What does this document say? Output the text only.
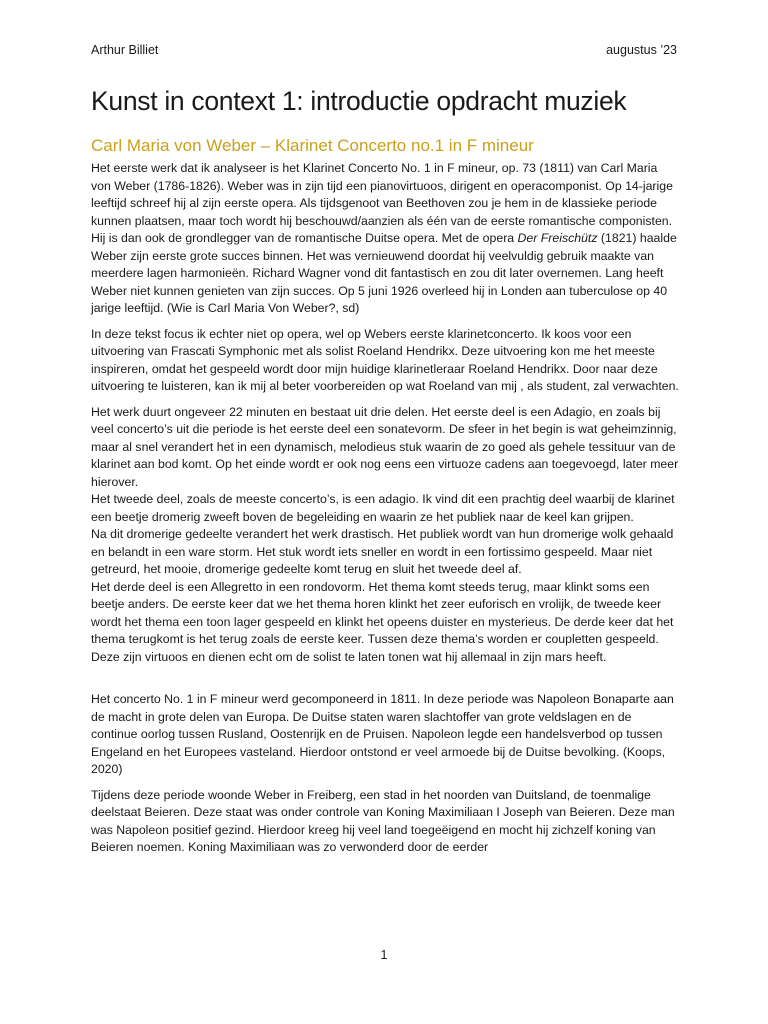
Arthur Billiet	augustus ’23
Kunst in context 1: introductie opdracht muziek
Carl Maria von Weber – Klarinet Concerto no.1 in F mineur

Het eerste werk dat ik analyseer is het Klarinet Concerto No. 1 in F mineur, op. 73 (1811) van Carl Maria von Weber (1786-1826). Weber was in zijn tijd een pianovirtuoos, dirigent en operacomponist. Op 14-jarige leeftijd schreef hij al zijn eerste opera. Als tijdsgenoot van Beethoven zou je hem in de klassieke periode kunnen plaatsen, maar toch wordt hij beschouwd/aanzien als één van de eerste romantische componisten. Hij is dan ook de grondlegger van de romantische Duitse opera. Met de opera Der Freischütz (1821) haalde Weber zijn eerste grote succes binnen. Het was vernieuwend doordat hij veelvuldig gebruik maakte van meerdere lagen harmonieën. Richard Wagner vond dit fantastisch en zou dit later overnemen. Lang heeft Weber niet kunnen genieten van zijn succes. Op 5 juni 1926 overleed hij in Londen aan tuberculose op 40 jarige leeftijd. (Wie is Carl Maria Von Weber?, sd)

In deze tekst focus ik echter niet op opera, wel op Webers eerste klarinetconcerto. Ik koos voor een uitvoering van Frascati Symphonic met als solist Roeland Hendrikx. Deze uitvoering kon me het meeste inspireren, omdat het gespeeld wordt door mijn huidige klarinetleraar Roeland Hendrikx. Door naar deze uitvoering te luisteren, kan ik mij al beter voorbereiden op wat Roeland van mij , als student, zal verwachten.

Het werk duurt ongeveer 22 minuten en bestaat uit drie delen. Het eerste deel is een Adagio, en zoals bij veel concerto’s uit die periode is het eerste deel een sonatevorm. De sfeer in het begin is wat geheimzinnig, maar al snel verandert het in een dynamisch, melodieus stuk waarin de zo goed als gehele tessituur van de klarinet aan bod komt. Op het einde wordt er ook nog eens een virtuoze cadens aan toegevoegd, later meer hierover.

Het tweede deel, zoals de meeste concerto’s, is een adagio. Ik vind dit een prachtig deel waarbij de klarinet een beetje dromerig zweeft boven de begeleiding en waarin ze het publiek naar de keel kan grijpen.

Na dit dromerige gedeelte verandert het werk drastisch. Het publiek wordt van hun dromerige wolk gehaald en belandt in een ware storm. Het stuk wordt iets sneller en wordt in een fortissimo gespeeld. Maar niet getreurd, het mooie, dromerige gedeelte komt terug en sluit het tweede deel af.

Het derde deel is een Allegretto in een rondovorm. Het thema komt steeds terug, maar klinkt soms een beetje anders. De eerste keer dat we het thema horen klinkt het zeer euforisch en vrolijk, de tweede keer wordt het thema een toon lager gespeeld en klinkt het opeens duister en mysterieus. De derde keer dat het thema terugkomt is het terug zoals de eerste keer. Tussen deze thema’s worden er coupletten gespeeld. Deze zijn virtuoos en dienen echt om de solist te laten tonen wat hij allemaal in zijn mars heeft.

Het concerto No. 1 in F mineur werd gecomponeerd in 1811. In deze periode was Napoleon Bonaparte aan de macht in grote delen van Europa. De Duitse staten waren slachtoffer van grote veldslagen en de continue oorlog tussen Rusland, Oostenrijk en de Pruisen. Napoleon legde een handelsverbod op tussen Engeland en het Europees vasteland. Hierdoor ontstond er veel armoede bij de Duitse bevolking. (Koops, 2020)

Tijdens deze periode woonde Weber in Freiberg, een stad in het noorden van Duitsland, de toenmalige deelstaat Beieren. Deze staat was onder controle van Koning Maximiliaan I Joseph van Beieren. Deze man was Napoleon positief gezind. Hierdoor kreeg hij veel land toegeëigend en mocht hij zichzelf koning van Beieren noemen. Koning Maximiliaan was zo verwonderd door de eerder

1
